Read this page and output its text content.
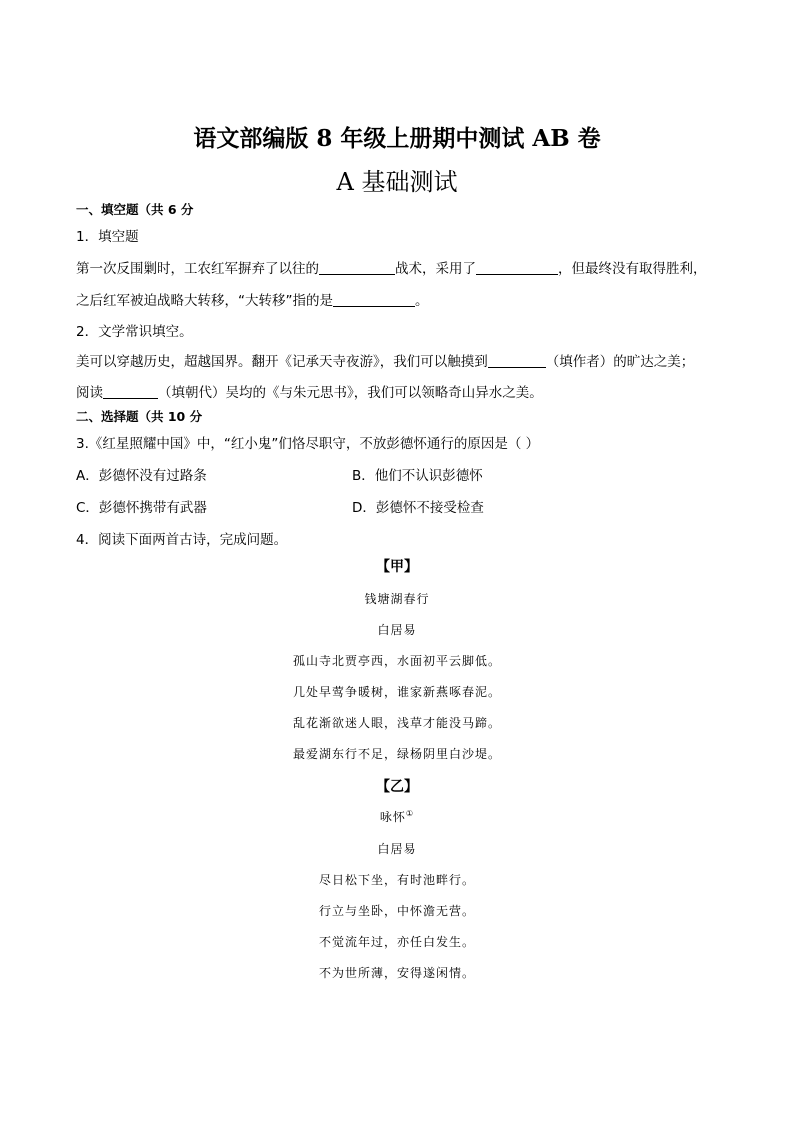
语文部编版 8 年级上册期中测试 AB 卷
A 基础测试
一、填空题（共 6 分
1．填空题
第一次反围剿时，工农红军摒弃了以往的	战术，采用了	，但最终没有取得胜利，
之后红军被迫战略大转移，“大转移”指的是	。
2．文学常识填空。
美可以穿越历史，超越国界。翻开《记承天寺夜游》，我们可以触摸到	（填作者）的旷达之美；
阅读	（填朝代）吴均的《与朱元思书》，我们可以领略奇山异水之美。
二、选择题（共 10 分
3.《红星照耀中国》中，“红小鬼”们恪尽职守，不放彭德怀通行的原因是（ ）
A．彭德怀没有过路条	B．他们不认识彭德怀
C．彭德怀携带有武器	D．彭德怀不接受检查
4．阅读下面两首古诗，完成问题。
【甲】
钱塘湖春行
白居易
孤山寺北贾亭西，水面初平云脚低。
几处早莺争暖树，谁家新燕啄春泥。
乱花渐欲迷人眼，浅草才能没马蹄。
最爱湖东行不足，绿杨阴里白沙堤。
【乙】
咏怀①
白居易
尽日松下坐，有时池畔行。
行立与坐卧，中怀澹无营。
不觉流年过，亦任白发生。
不为世所薄，安得遂闲情。
